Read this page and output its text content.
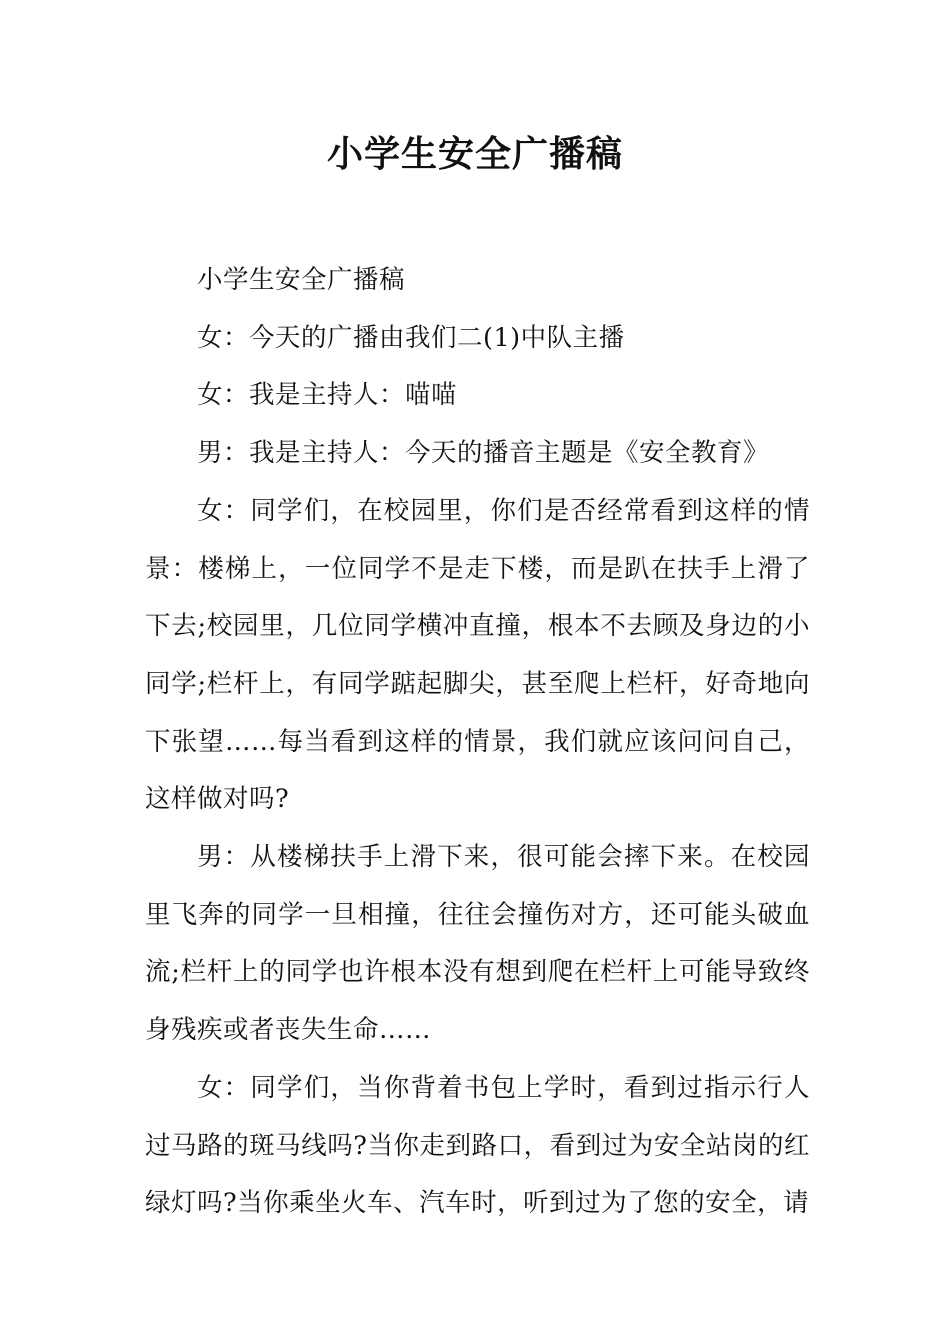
小学生安全广播稿

小学生安全广播稿

女：今天的广播由我们二(1)中队主播

女：我是主持人：喵喵

男：我是主持人：今天的播音主题是《安全教育》

女：同学们，在校园里，你们是否经常看到这样的情景：楼梯上，一位同学不是走下楼，而是趴在扶手上滑了下去;校园里，几位同学横冲直撞，根本不去顾及身边的小同学;栏杆上，有同学踮起脚尖，甚至爬上栏杆，好奇地向下张望……每当看到这样的情景，我们就应该问问自己，这样做对吗?

男：从楼梯扶手上滑下来，很可能会摔下来。在校园里飞奔的同学一旦相撞，往往会撞伤对方，还可能头破血流;栏杆上的同学也许根本没有想到爬在栏杆上可能导致终身残疾或者丧失生命……

女：同学们，当你背着书包上学时，看到过指示行人过马路的斑马线吗?当你走到路口，看到过为安全站岗的红绿灯吗?当你乘坐火车、汽车时，听到过为了您的安全，请
